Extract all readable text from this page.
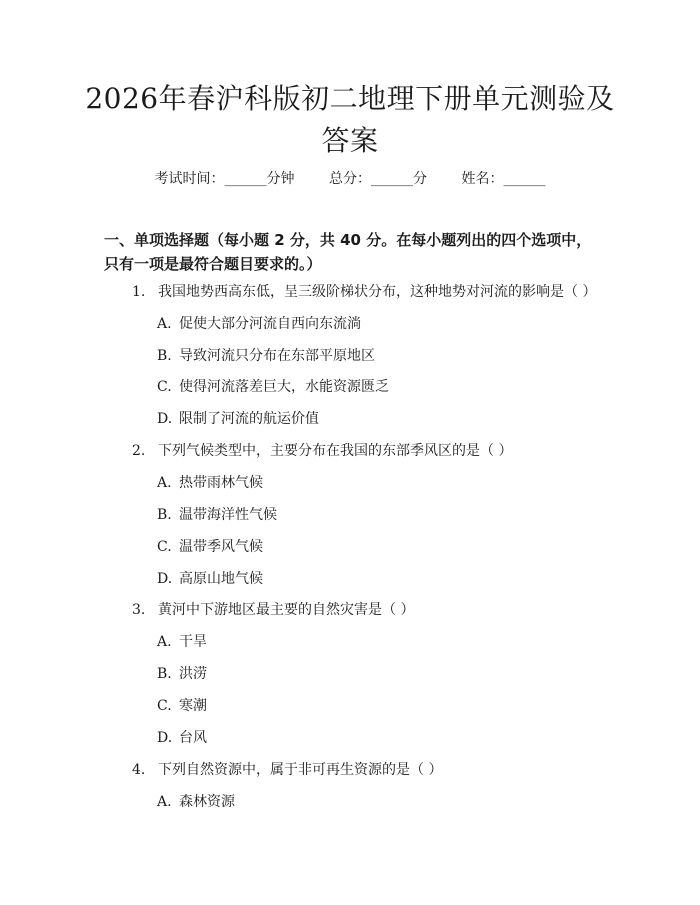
2026年春沪科版初二地理下册单元测验及答案
考试时间：______分钟 总分：______分 姓名：______
一、单项选择题（每小题 2 分，共 40 分。在每小题列出的四个选项中，只有一项是最符合题目要求的。）
1. 我国地势西高东低，呈三级阶梯状分布，这种地势对河流的影响是（ ）
A. 促使大部分河流自西向东流淌
B. 导致河流只分布在东部平原地区
C. 使得河流落差巨大，水能资源匮乏
D. 限制了河流的航运价值
2. 下列气候类型中，主要分布在我国的东部季风区的是（ ）
A. 热带雨林气候
B. 温带海洋性气候
C. 温带季风气候
D. 高原山地气候
3. 黄河中下游地区最主要的自然灾害是（ ）
A. 干旱
B. 洪涝
C. 寒潮
D. 台风
4. 下列自然资源中，属于非可再生资源的是（ ）
A. 森林资源
